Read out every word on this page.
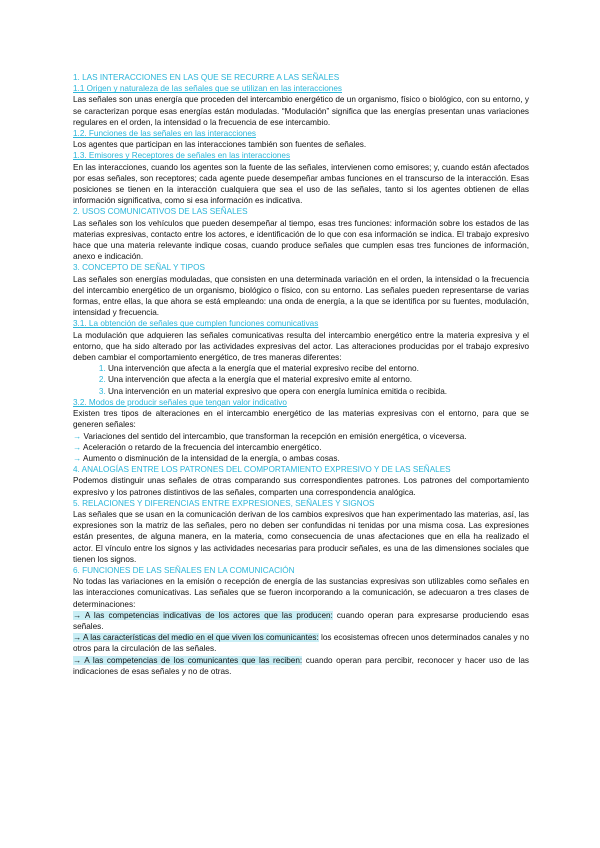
1. LAS INTERACCIONES EN LAS QUE SE RECURRE A LAS SEÑALES
1.1 Origen y naturaleza de las señales que se utilizan en las interacciones

Las señales son unas energía que proceden del intercambio energético de un organismo, físico o biológico, con su entorno, y se caracterizan porque esas energías están moduladas. “Modulación” significa que las energías presentan unas variaciones regulares en el orden, la intensidad o la frecuencia de ese intercambio.

1.2. Funciones de las señales en las interacciones

Los agentes que participan en las interacciones también son fuentes de señales.

1.3. Emisores y Receptores de señales en las interacciones

En las interacciones, cuando los agentes son la fuente de las señales, intervienen como emisores; y, cuando están afectados por esas señales, son receptores; cada agente puede desempeñar ambas funciones en el transcurso de la interacción. Esas posiciones se tienen en la interacción cualquiera que sea el uso de las señales, tanto si los agentes obtienen de ellas información significativa, como si esa información es indicativa.

2. USOS COMUNICATIVOS DE LAS SEÑALES

Las señales son los vehículos que pueden desempeñar al tiempo, esas tres funciones: información sobre los estados de las materias expresivas, contacto entre los actores, e identificación de lo que con esa información se indica. El trabajo expresivo hace que una materia relevante indique cosas, cuando produce señales que cumplen esas tres funciones de información, anexo e indicación.

3. CONCEPTO DE SEÑAL Y TIPOS

Las señales son energías moduladas, que consisten en una determinada variación en el orden, la intensidad o la frecuencia del intercambio energético de un organismo, biológico o físico, con su entorno. Las señales pueden representarse de varias formas, entre ellas, la que ahora se está empleando: una onda de energía, a la que se identifica por su fuentes, modulación, intensidad y frecuencia.

3.1. La obtención de señales que cumplen funciones comunicativas

La modulación que adquieren las señales comunicativas resulta del intercambio energético entre la materia expresiva y el entorno, que ha sido alterado por las actividades expresivas del actor. Las alteraciones producidas por el trabajo expresivo deben cambiar el comportamiento energético, de tres maneras diferentes:

1. Una intervención que afecta a la energía que el material expresivo recibe del entorno.
2. Una intervención que afecta a la energía que el material expresivo emite al entorno.
3. Una intervención en un material expresivo que opera con energía lumínica emitida o recibida.
3.2. Modos de producir señales que tengan valor indicativo

Existen tres tipos de alteraciones en el intercambio energético de las materias expresivas con el entorno, para que se generen señales:

→ Variaciones del sentido del intercambio, que transforman la recepción en emisión energética, o viceversa.
→ Aceleración o retardo de la frecuencia del intercambio energético.
→ Aumento o disminución de la intensidad de la energía, o ambas cosas.
4. ANALOGÍAS ENTRE LOS PATRONES DEL COMPORTAMIENTO EXPRESIVO Y DE LAS SEÑALES

Podemos distinguir unas señales de otras comparando sus correspondientes patrones. Los patrones del comportamiento expresivo y los patrones distintivos de las señales, comparten una correspondencia analógica.

5. RELACIONES Y DIFERENCIAS ENTRE EXPRESIONES, SEÑALES Y SIGNOS

Las señales que se usan en la comunicación derivan de los cambios expresivos que han experimentado las materias, así, las expresiones son la matriz de las señales, pero no deben ser confundidas ni tenidas por una misma cosa. Las expresiones están presentes, de alguna manera, en la materia, como consecuencia de unas afectaciones que en ella ha realizado el actor. El vínculo entre los signos y las actividades necesarias para producir señales, es una de las dimensiones sociales que tienen los signos.

6. FUNCIONES DE LAS SEÑALES EN LA COMUNICACIÓN

No todas las variaciones en la emisión o recepción de energía de las sustancias expresivas son utilizables como señales en las interacciones comunicativas. Las señales que se fueron incorporando a la comunicación, se adecuaron a tres clases de determinaciones:

→ A las competencias indicativas de los actores que las producen: cuando operan para expresarse produciendo esas señales.

→ A las características del medio en el que viven los comunicantes: los ecosistemas ofrecen unos determinados canales y no otros para la circulación de las señales.

→ A las competencias de los comunicantes que las reciben: cuando operan para percibir, reconocer y hacer uso de las indicaciones de esas señales y no de otras.
